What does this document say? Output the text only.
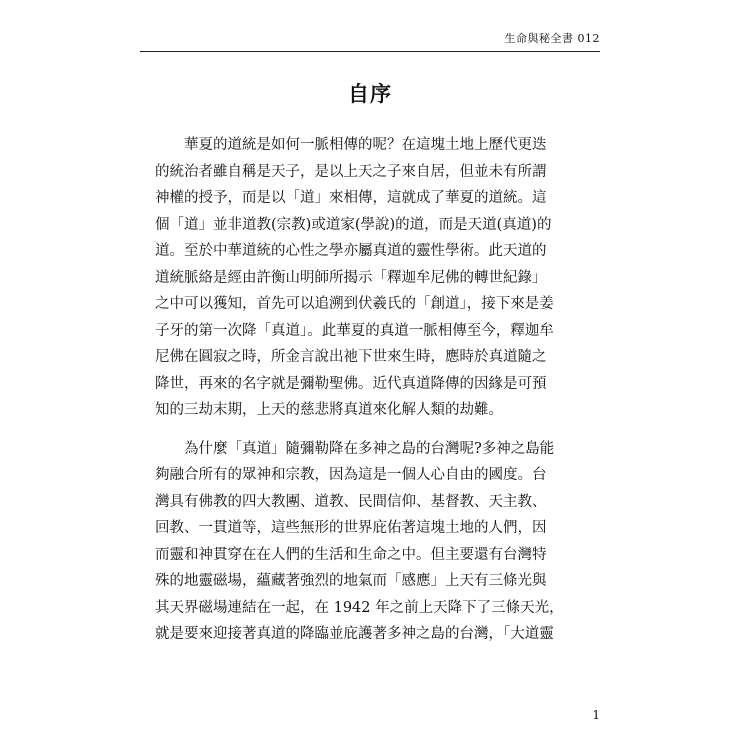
生命與秘全書 012
自序

華夏的道統是如何一脈相傳的呢？在這塊土地上歷代更迭
的統治者雖自稱是天子，是以上天之子來自居，但並未有所謂
神權的授予，而是以「道」來相傳，這就成了華夏的道統。這
個「道」並非道教(宗教)或道家(學說)的道，而是天道(真道)的
道。至於中華道統的心性之學亦屬真道的靈性學術。此天道的
道統脈絡是經由許衡山明師所揭示「釋迦牟尼佛的轉世紀錄」
之中可以獲知，首先可以追溯到伏羲氏的「創道」，接下來是姜
子牙的第一次降「真道」。此華夏的真道一脈相傳至今，釋迦牟
尼佛在圓寂之時，所金言說出祂下世來生時，應時於真道隨之
降世，再來的名字就是彌勒聖佛。近代真道降傳的因緣是可預
知的三劫末期，上天的慈悲將真道來化解人類的劫難。

為什麼「真道」隨彌勒降在多神之島的台灣呢?多神之島能
夠融合所有的眾神和宗教，因為這是一個人心自由的國度。台
灣具有佛教的四大教團、道教、民間信仰、基督教、天主教、
回教、一貫道等，這些無形的世界庇佑著這塊土地的人們，因
而靈和神貫穿在在人們的生活和生命之中。但主要還有台灣特
殊的地靈磁場，蘊藏著強烈的地氣而「感應」上天有三條光與
其天界磁場連結在一起，在 1942 年之前上天降下了三條天光，
就是要來迎接著真道的降臨並庇護著多神之島的台灣，「大道靈

1
